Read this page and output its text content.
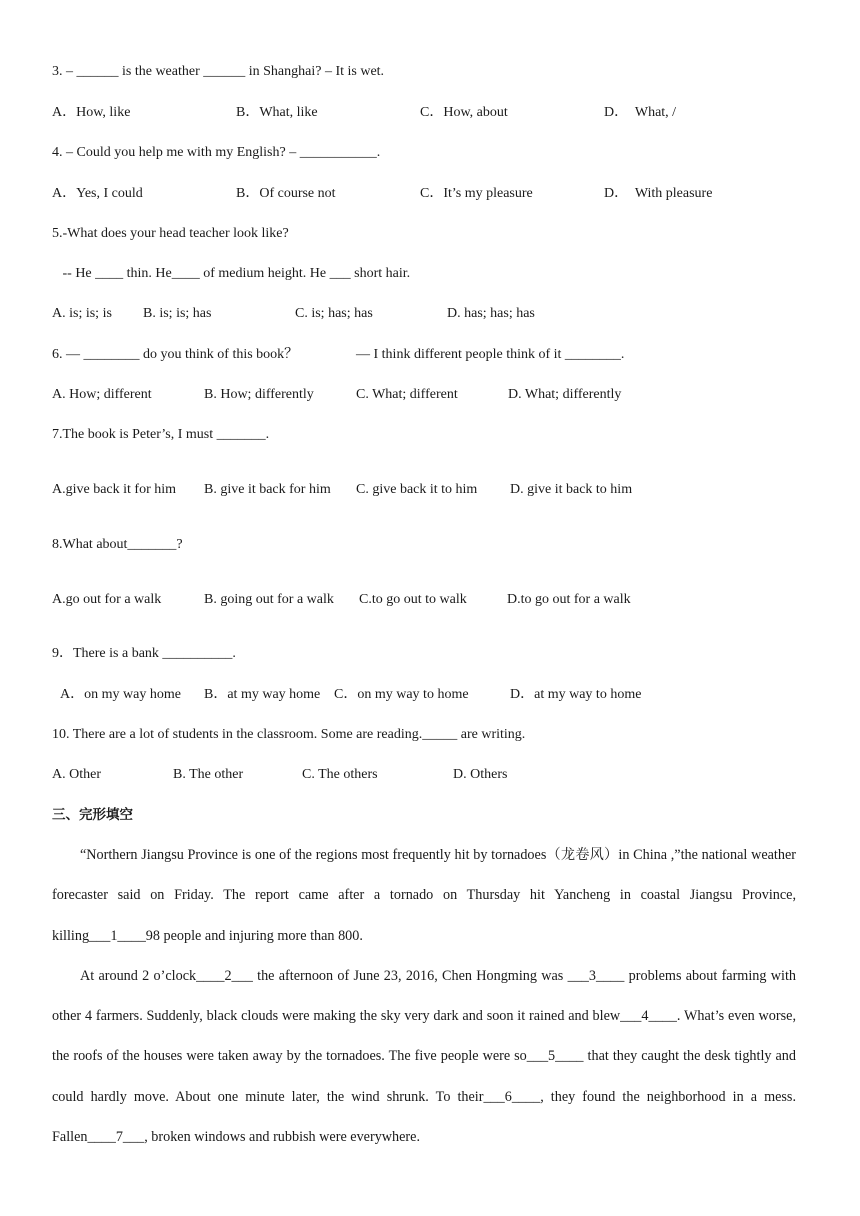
3. – ______ is the weather ______ in Shanghai? – It is wet.
A．How, like	B．What, like	C．How, about	D．  What, /
4. – Could you help me with my English? – ___________.
A．Yes, I could	B．Of course not	C．It’s my pleasure	D．  With pleasure
5.-What does your head teacher look like?
-- He ____ thin. He____ of medium height. He ___ short hair.
A. is; is; is B. is; is; has	C. is; has; has	D. has; has; has
6. — ________ do you think of this book？	— I think different people think of it ________.
A. How; different	B. How; differently	C. What; different	D. What; differently
7.The book is Peter’s, I must _______.
A.give back it for him B. give it back for him C. give back it to him D. give it back to him
8.What about_______?
A.go out for a walk	B. going out for a walk C.to go out to walk	D.to go out for a walk
9．There is a bank __________.
A．on my way home B．at my way home C．on my way to home	D．at my way to home
10. There are a lot of students in the classroom. Some are reading._____ are writing.
A. Other	B. The other	C. The others	D. Others
三、完形填空

“Northern Jiangsu Province is one of the regions most frequently hit by tornadoes（龙卷风）in China ,”the national weather forecaster said on Friday. The report came after a tornado on Thursday hit Yancheng in coastal Jiangsu Province, killing___1____98 people and injuring more than 800.

At around 2 o’clock____2___ the afternoon of June 23, 2016, Chen Hongming was ___3____ problems about farming with other 4 farmers. Suddenly, black clouds were making the sky very dark and soon it rained and blew___4____. What’s even worse, the roofs of the houses were taken away by the tornadoes. The five people were so___5____ that they caught the desk tightly and could hardly move. About one minute later, the wind shrunk. To their___6____, they found the neighborhood in a mess. Fallen____7___, broken windows and rubbish were everywhere.
